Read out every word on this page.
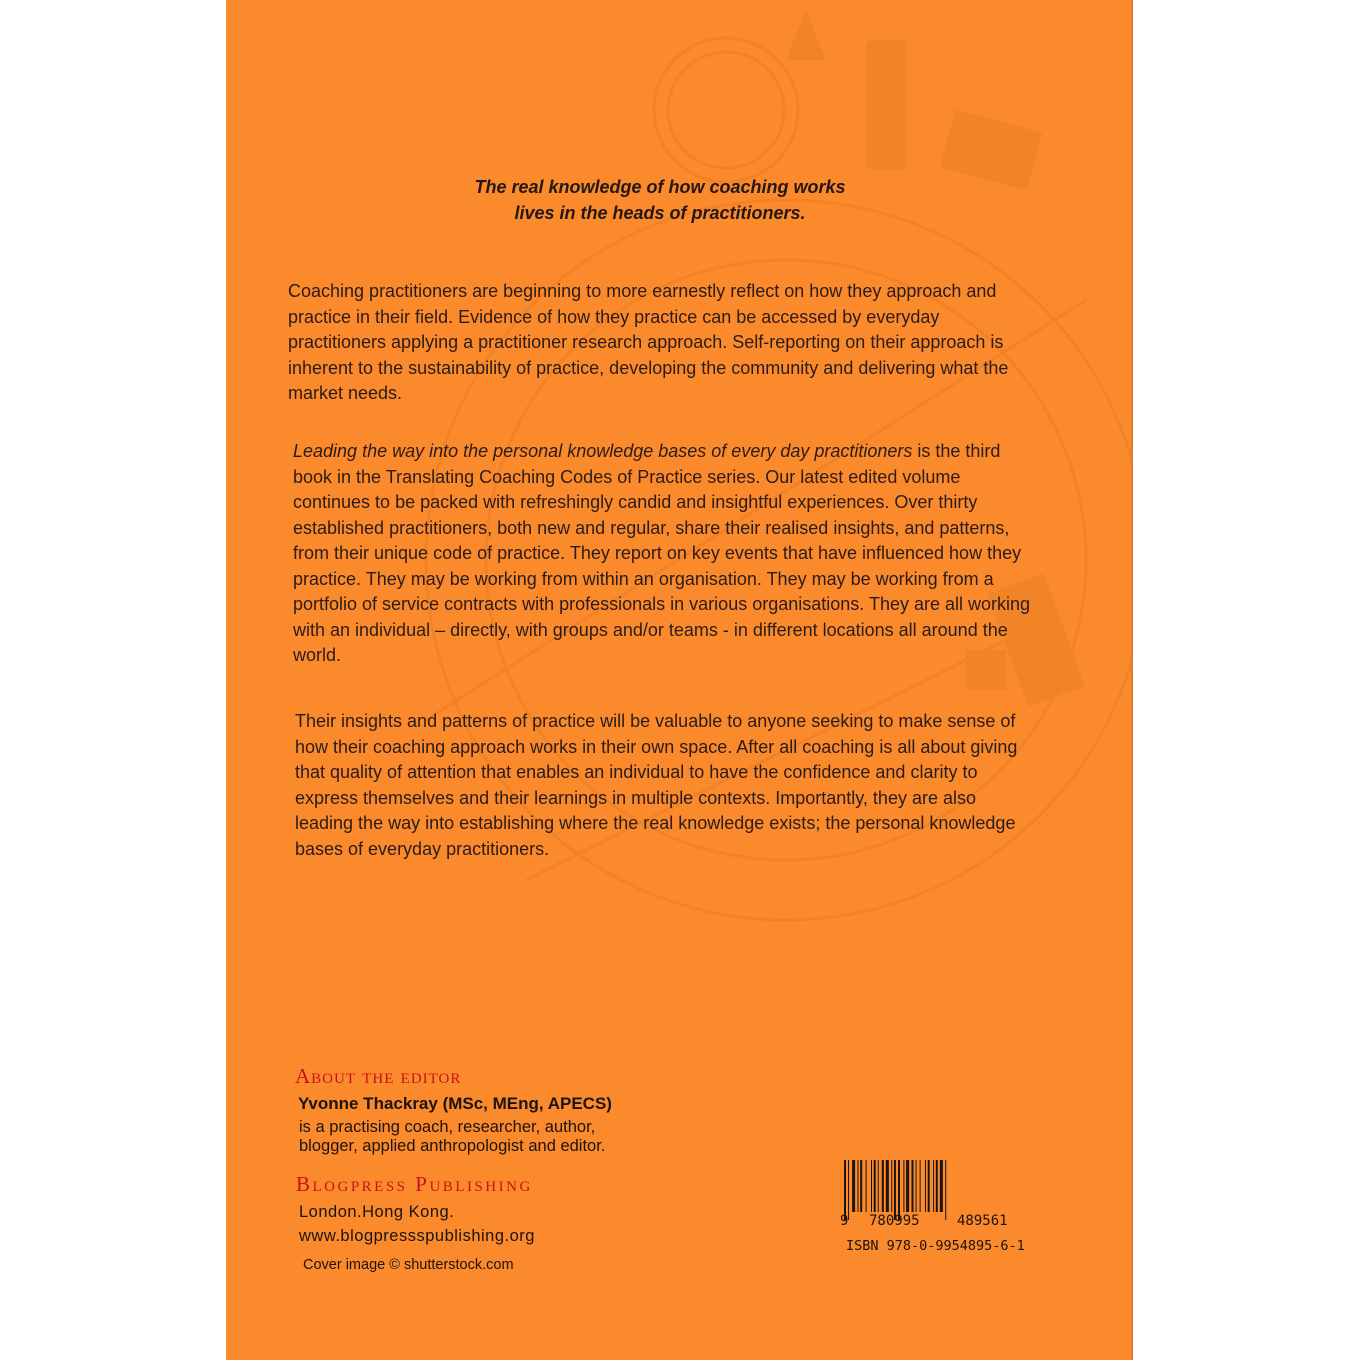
The real knowledge of how coaching works
lives in the heads of practitioners.

Coaching practitioners are beginning to more earnestly reflect on how they approach and practice in their field. Evidence of how they practice can be accessed by everyday practitioners applying a practitioner research approach. Self-reporting on their approach is inherent to the sustainability of practice, developing the community and delivering what the market needs.

Leading the way into the personal knowledge bases of every day practitioners is the third book in the Translating Coaching Codes of Practice series. Our latest edited volume continues to be packed with refreshingly candid and insightful experiences. Over thirty established practitioners, both new and regular, share their realised insights, and patterns, from their unique code of practice. They report on key events that have influenced how they practice. They may be working from within an organisation. They may be working from a portfolio of service contracts with professionals in various organisations. They are all working with an individual – directly, with groups and/or teams - in different locations all around the world.

Their insights and patterns of practice will be valuable to anyone seeking to make sense of how their coaching approach works in their own space. After all coaching is all about giving that quality of attention that enables an individual to have the confidence and clarity to express themselves and their learnings in multiple contexts. Importantly, they are also leading the way into establishing where the real knowledge exists; the personal knowledge bases of everyday practitioners.

About the editor
Yvonne Thackray (MSc, MEng, APECS)
is a practising coach, researcher, author,
blogger, applied anthropologist and editor.
Blogpress Publishing
London.Hong Kong.
www.blogpressspublishing.org
Cover image © shutterstock.com
9 780995	489561
ISBN 978-0-9954895-6-1
